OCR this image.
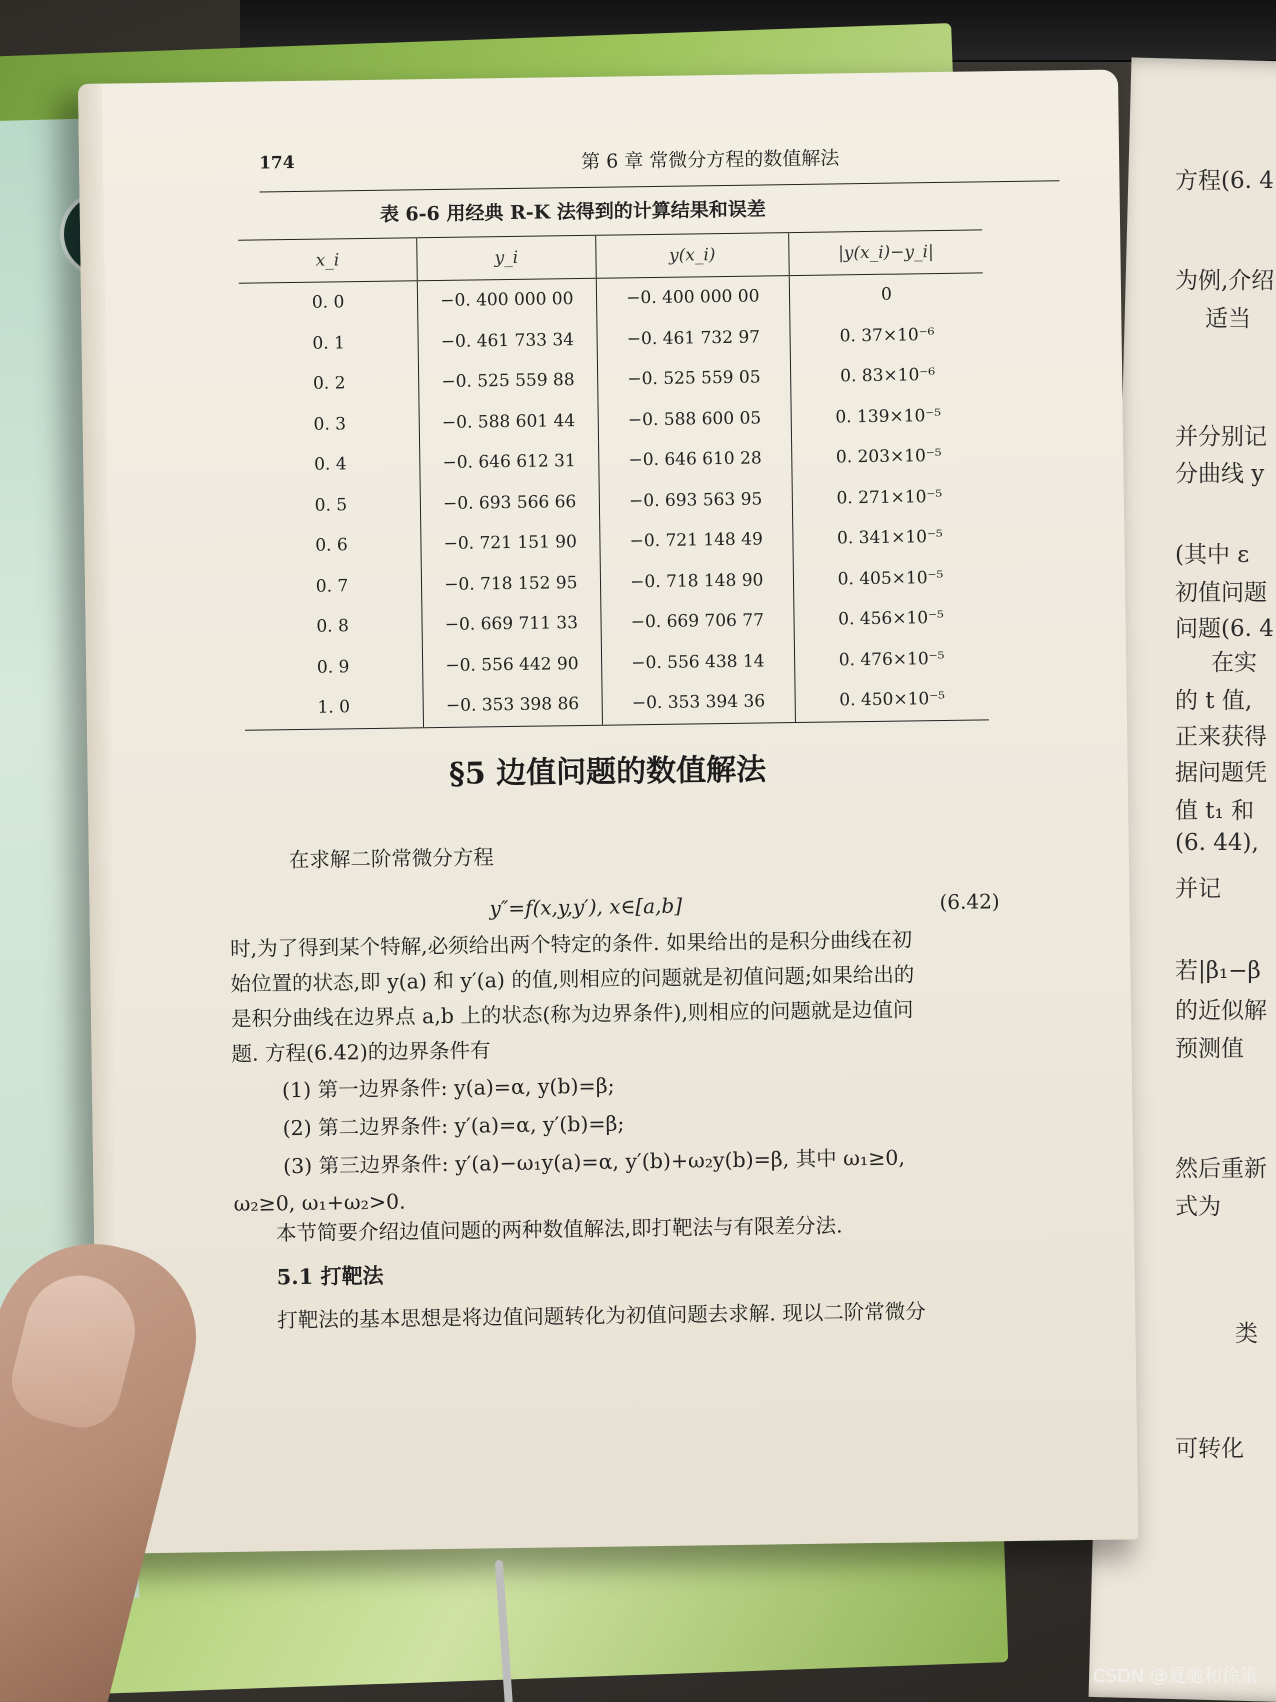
方程(6. 4
为例,介绍
适当
并分别记
分曲线 y
(其中 ε
初值问题
问题(6. 4
在实
的 t 值,
正来获得
据问题凭
值 t₁ 和
(6. 44),
并记
若|β₁−β
的近似解
预测值
然后重新
式为
类
可转化
174	第 6 章 常微分方程的数值解法
表 6-6 用经典 R-K 法得到的计算结果和误差
x_i	y_i	y(x_i)	|y(x_i)−y_i|
0. 0	−0. 400 000 00	−0. 400 000 00	0
0. 1	−0. 461 733 34	−0. 461 732 97	0. 37×10⁻⁶
0. 2	−0. 525 559 88	−0. 525 559 05	0. 83×10⁻⁶
0. 3	−0. 588 601 44	−0. 588 600 05	0. 139×10⁻⁵
0. 4	−0. 646 612 31	−0. 646 610 28	0. 203×10⁻⁵
0. 5	−0. 693 566 66	−0. 693 563 95	0. 271×10⁻⁵
0. 6	−0. 721 151 90	−0. 721 148 49	0. 341×10⁻⁵
0. 7	−0. 718 152 95	−0. 718 148 90	0. 405×10⁻⁵
0. 8	−0. 669 711 33	−0. 669 706 77	0. 456×10⁻⁵
0. 9	−0. 556 442 90	−0. 556 438 14	0. 476×10⁻⁵
1. 0	−0. 353 398 86	−0. 353 394 36	0. 450×10⁻⁵
§5 边值问题的数值解法
在求解二阶常微分方程
y″=f(x,y,y′), x∈[a,b]	(6.42)
时,为了得到某个特解,必须给出两个特定的条件. 如果给出的是积分曲线在初
始位置的状态,即 y(a) 和 y′(a) 的值,则相应的问题就是初值问题;如果给出的
是积分曲线在边界点 a,b 上的状态(称为边界条件),则相应的问题就是边值问
题. 方程(6.42)的边界条件有
(1) 第一边界条件: y(a)=α, y(b)=β;
(2) 第二边界条件: y′(a)=α, y′(b)=β;
(3) 第三边界条件: y′(a)−ω₁y(a)=α, y′(b)+ω₂y(b)=β, 其中 ω₁≥0,
ω₂≥0, ω₁+ω₂>0.
本节简要介绍边值问题的两种数值解法,即打靶法与有限差分法.
5.1 打靶法
打靶法的基本思想是将边值问题转化为初值问题去求解. 现以二阶常微分
CSDN @夏驰和徐策
